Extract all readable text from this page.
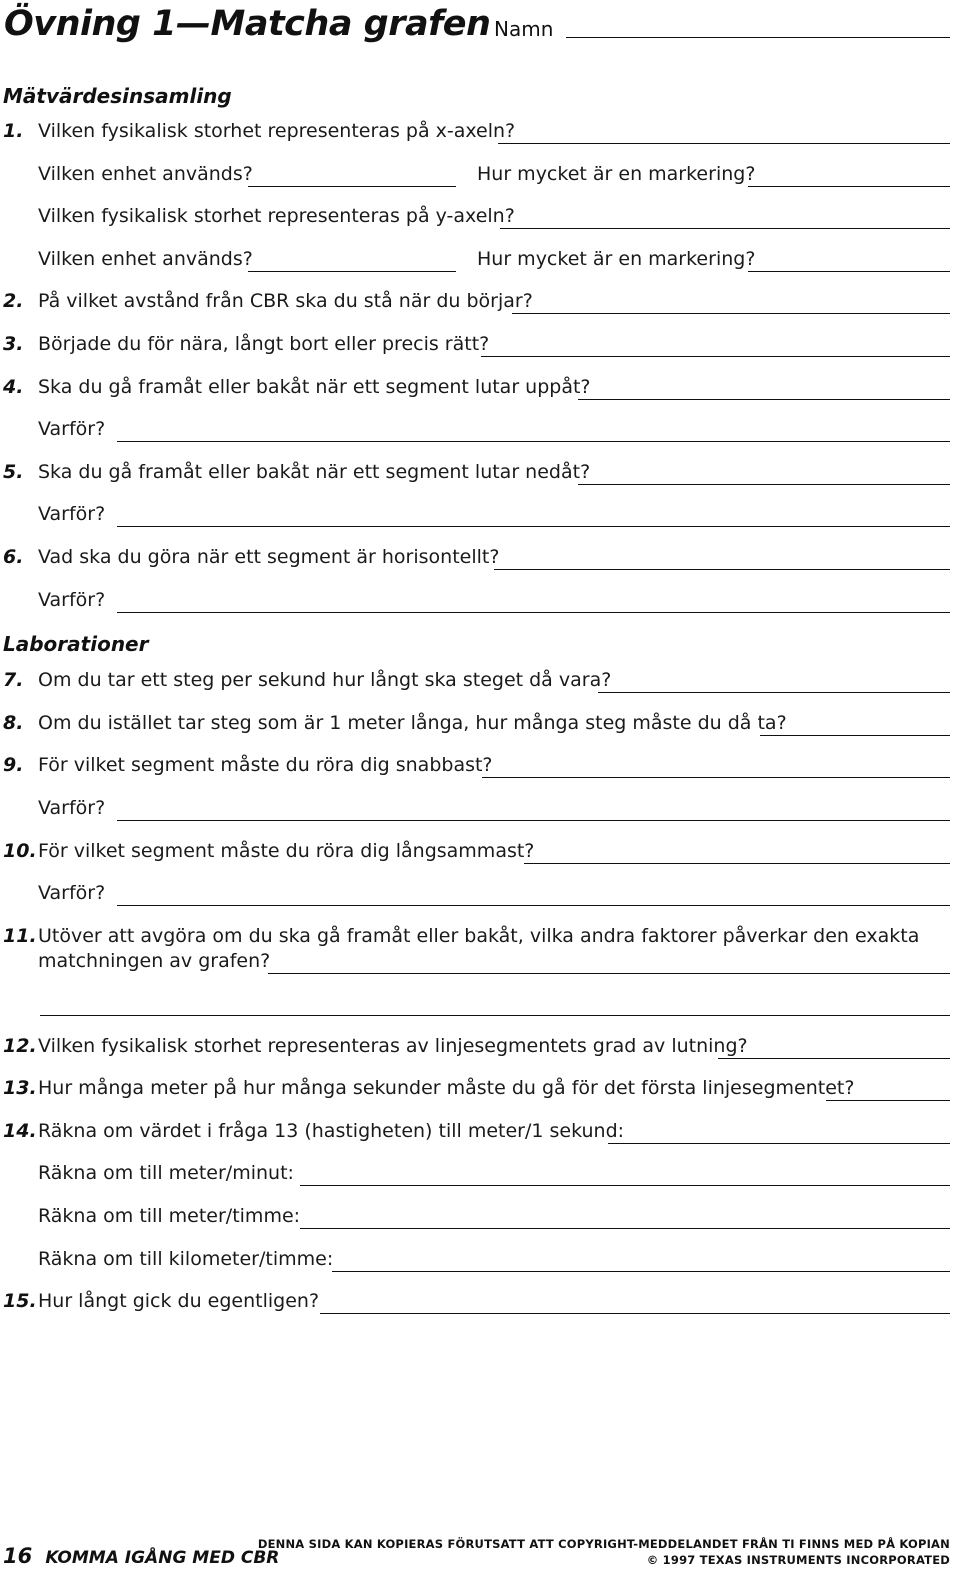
Övning 1—Matcha grafen Namn
Mätvärdesinsamling
1. Vilken fysikalisk storhet representeras på x-axeln?
Vilken enhet används?	Hur mycket är en markering?
Vilken fysikalisk storhet representeras på y-axeln?
Vilken enhet används?	Hur mycket är en markering?
2. På vilket avstånd från CBR ska du stå när du börjar?
3. Började du för nära, långt bort eller precis rätt?
4. Ska du gå framåt eller bakåt när ett segment lutar uppåt?
Varför?
5. Ska du gå framåt eller bakåt när ett segment lutar nedåt?
Varför?
6. Vad ska du göra när ett segment är horisontellt?
Varför?
Laborationer
7. Om du tar ett steg per sekund hur långt ska steget då vara?
8. Om du istället tar steg som är 1 meter långa, hur många steg måste du då ta?
9. För vilket segment måste du röra dig snabbast?
Varför?
10. För vilket segment måste du röra dig långsammast?
Varför?
11. Utöver att avgöra om du ska gå framåt eller bakåt, vilka andra faktorer påverkar den exakta
matchningen av grafen?
12. Vilken fysikalisk storhet representeras av linjesegmentets grad av lutning?
13. Hur många meter på hur många sekunder måste du gå för det första linjesegmentet?
14. Räkna om värdet i fråga 13 (hastigheten) till meter/1 sekund:
Räkna om till meter/minut:
Räkna om till meter/timme:
Räkna om till kilometer/timme:
15. Hur långt gick du egentligen?
16 KOMMA IGÅNG MED CBR
DENNA SIDA KAN KOPIERAS FÖRUTSATT ATT COPYRIGHT-MEDDELANDET FRÅN TI FINNS MED PÅ KOPIAN
© 1997 TEXAS INSTRUMENTS INCORPORATED
